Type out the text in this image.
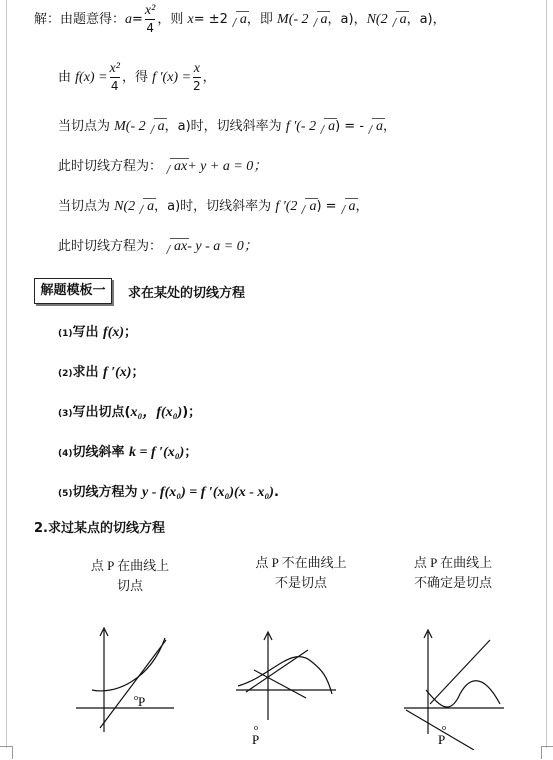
解：由题意得：$a= \frac{\text{x²}}{4}$ ，则 x= ±2 a，即 M(- 2 a，a)，N(2 a，a)，
由 $f(x) = \frac{\text{x²}}{4}$ ，得 f $'(x) = \frac{x}{2}$ ，
当切点为 M(- 2 a，a)时，切线斜率为 f ′(- 2 a) = - a，
此时切线方程为： ax+ y + a = 0；
当切点为 N(2 a，a)时，切线斜率为 f ′(2 a) = a，
此时切线方程为： ax- y - a = 0；
解题模板一	求在某处的切线方程
(1)写出 f(x)；
(2)求出 f ′(x)；
(3)写出切点(x₀，f(x₀))；
(4)切线斜率 k = f ′(x₀)；
(5)切线方程为 y - f(x₀) = f ′(x₀)(x - x₀).
2.求过某点的切线方程
点 P 在曲线上
切点
点 P 不在曲线上
不是切点
点 P 在曲线上
不确定是切点
o P
o
P
o
P
